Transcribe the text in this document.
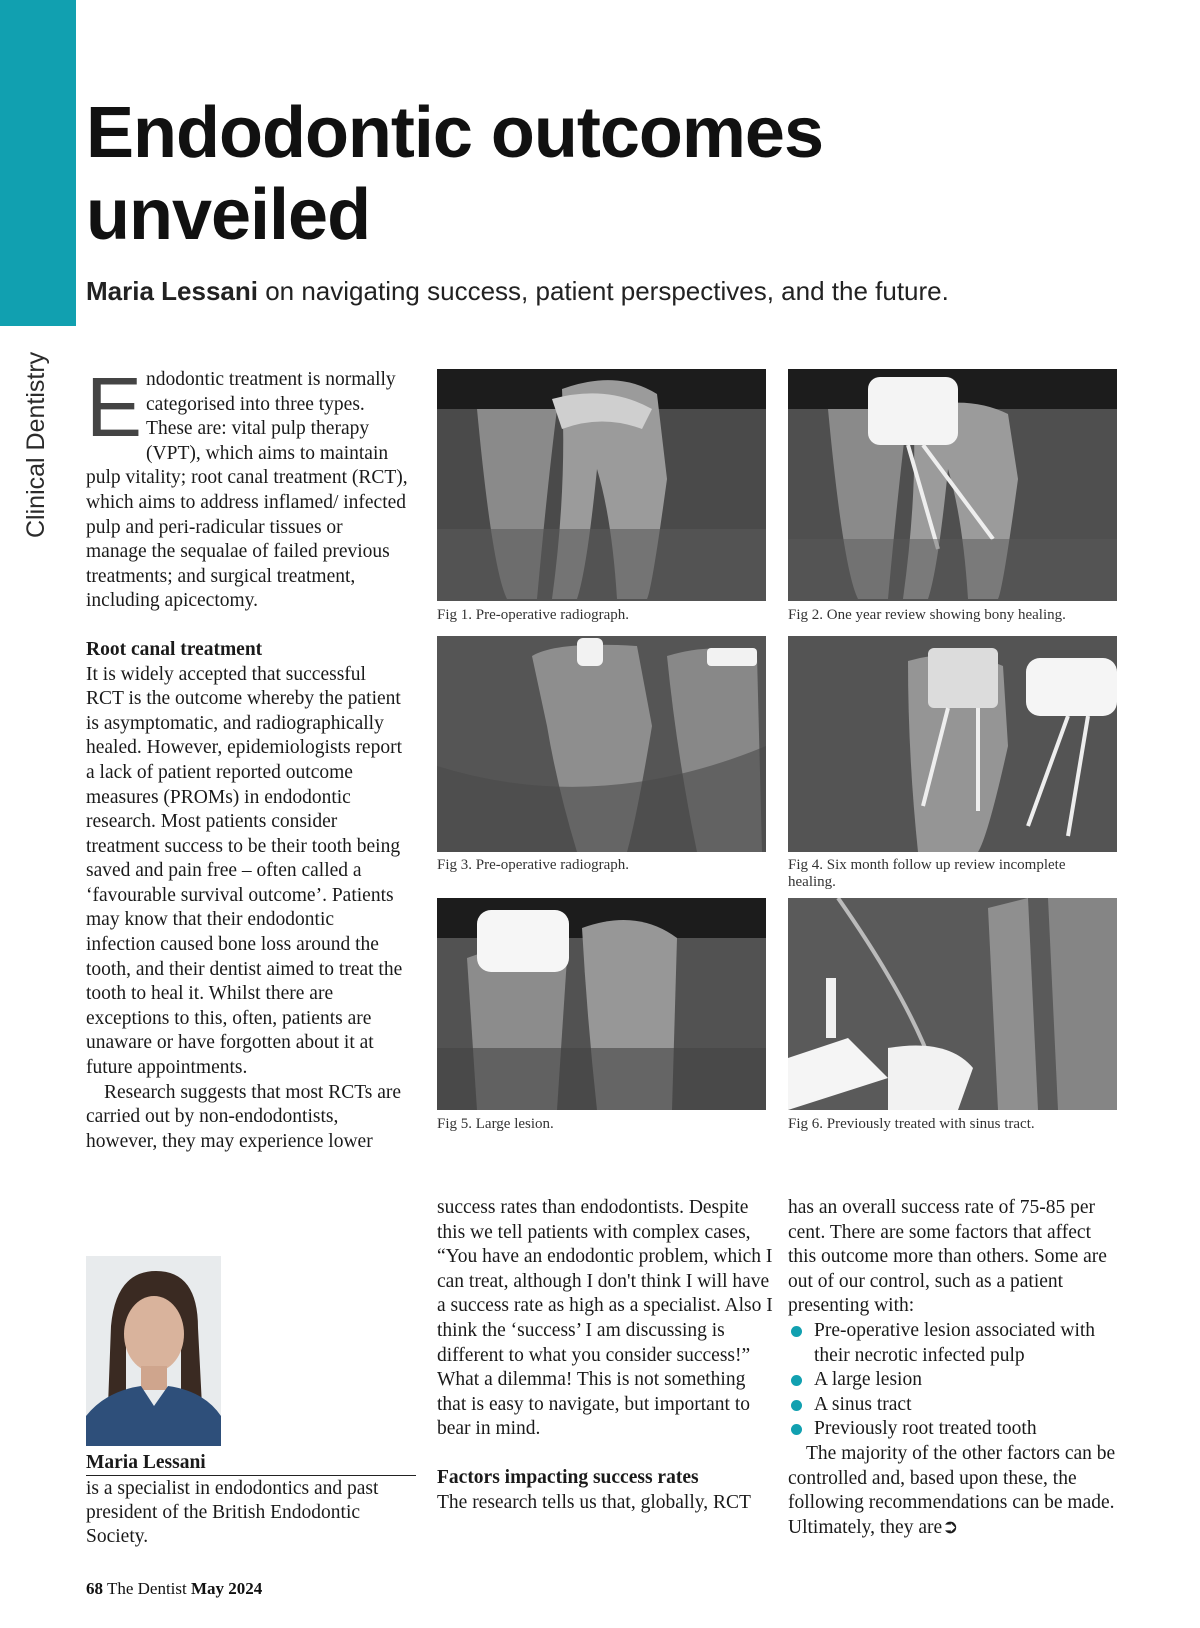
Clinical Dentistry
Endodontic outcomes unveiled
Maria Lessani on navigating success, patient perspectives, and the future.

Endodontic treatment is normally categorised into three types. These are: vital pulp therapy (VPT), which aims to maintain pulp vitality; root canal treatment (RCT), which aims to address inflamed/ infected pulp and peri-radicular tissues or manage the sequalae of failed previous treatments; and surgical treatment, including apicectomy.

Root canal treatment

It is widely accepted that successful RCT is the outcome whereby the patient is asymptomatic, and radiographically healed. However, epidemiologists report a lack of patient reported outcome measures (PROMs) in endodontic research. Most patients consider treatment success to be their tooth being saved and pain free – often called a ‘favourable survival outcome’. Patients may know that their endodontic infection caused bone loss around the tooth, and their dentist aimed to treat the tooth to heal it. Whilst there are exceptions to this, often, patients are unaware or have forgotten about it at future appointments.

Research suggests that most RCTs are carried out by non-endodontists, however, they may experience lower

Fig 1. Pre-operative radiograph.	Fig 2. One year review showing bony healing.
Fig 3. Pre-operative radiograph.	Fig 4. Six month follow up review incomplete healing.
Fig 5. Large lesion.	Fig 6. Previously treated with sinus tract.

success rates than endodontists. Despite this we tell patients with complex cases, “You have an endodontic problem, which I can treat, although I don't think I will have a success rate as high as a specialist. Also I think the ‘success’ I am discussing is different to what you consider success!” What a dilemma! This is not something that is easy to navigate, but important to bear in mind.

Factors impacting success rates

The research tells us that, globally, RCT

has an overall success rate of 75-85 per cent. There are some factors that affect this outcome more than others. Some are out of our control, such as a patient presenting with:

Pre-operative lesion associated with their necrotic infected pulp
A large lesion
A sinus tract
Previously root treated tooth

The majority of the other factors can be controlled and, based upon these, the following recommendations can be made. Ultimately, they are➲

Maria Lessani
is a specialist in endodontics and past president of the British Endodontic Society.
68 The Dentist May 2024
